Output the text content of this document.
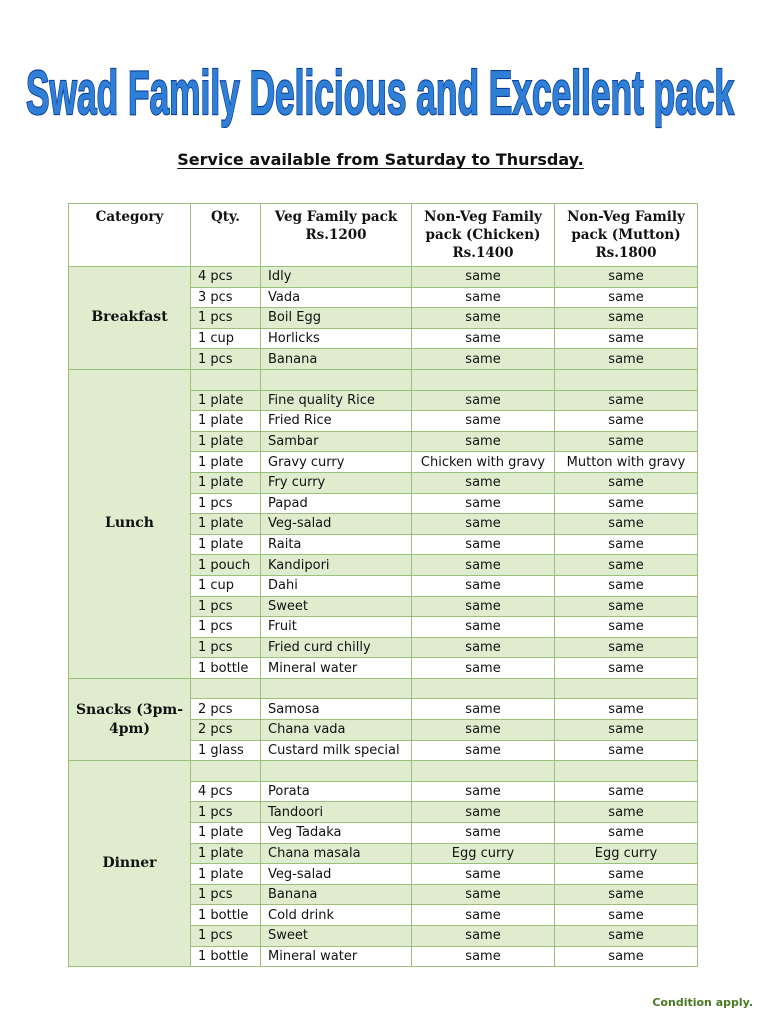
Swad Family Delicious and Excellent pack
Service available from Saturday to Thursday.
Category	Qty.	Veg Family pack Rs.1200	Non-Veg Family pack (Chicken) Rs.1400	Non-Veg Family pack (Mutton) Rs.1800
Breakfast	4 pcs	Idly	same	same
	3 pcs	Vada	same	same
	1 pcs	Boil Egg	same	same
	1 cup	Horlicks	same	same
	1 pcs	Banana	same	same
Lunch				
	1 plate	Fine quality Rice	same	same
	1 plate	Fried Rice	same	same
	1 plate	Sambar	same	same
	1 plate	Gravy curry	Chicken with gravy	Mutton with gravy
	1 plate	Fry curry	same	same
	1 pcs	Papad	same	same
	1 plate	Veg-salad	same	same
	1 plate	Raita	same	same
	1 pouch	Kandipori	same	same
	1 cup	Dahi	same	same
	1 pcs	Sweet	same	same
	1 pcs	Fruit	same	same
	1 pcs	Fried curd chilly	same	same
	1 bottle	Mineral water	same	same
Snacks (3pm-4pm)				
	2 pcs	Samosa	same	same
	2 pcs	Chana vada	same	same
	1 glass	Custard milk special	same	same
Dinner				
	4 pcs	Porata	same	same
	1 pcs	Tandoori	same	same
	1 plate	Veg Tadaka	same	same
	1 plate	Chana masala	Egg curry	Egg curry
	1 plate	Veg-salad	same	same
	1 pcs	Banana	same	same
	1 bottle	Cold drink	same	same
	1 pcs	Sweet	same	same
	1 bottle	Mineral water	same	same
Condition apply.
